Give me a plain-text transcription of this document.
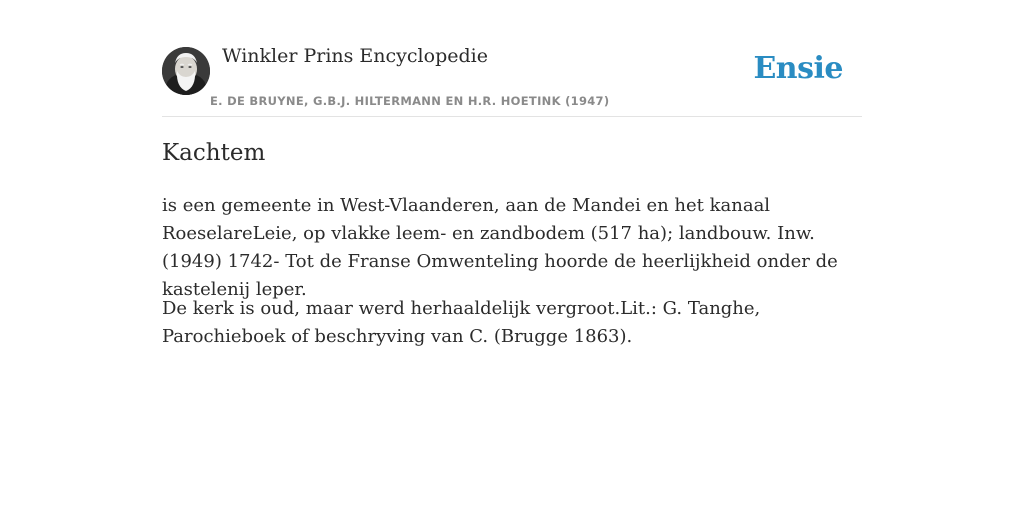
Winkler Prins Encyclopedie
E. DE BRUYNE, G.B.J. HILTERMANN EN H.R. HOETINK (1947)
Ensie
Kachtem

is een gemeente in West-Vlaanderen, aan de Mandei en het kanaal RoeselareLeie, op vlakke leem- en zandbodem (517 ha); landbouw. Inw. (1949) 1742- Tot de Franse Omwenteling hoorde de heerlijkheid onder de kastelenij leper.

De kerk is oud, maar werd herhaaldelijk vergroot.Lit.: G. Tanghe, Parochieboek of beschryving van C. (Brugge 1863).
